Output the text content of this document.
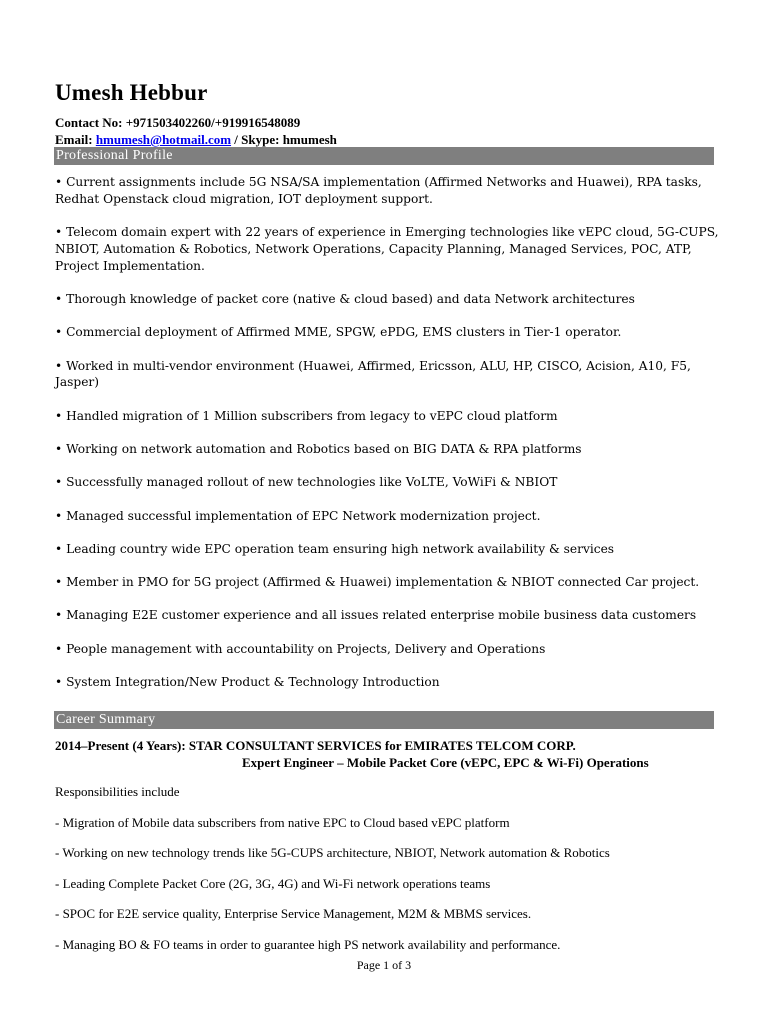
Umesh Hebbur
Contact No: +971503402260/+919916548089
Email: hmumesh@hotmail.com / Skype: hmumesh
Professional Profile

• Current assignments include 5G NSA/SA implementation (Affirmed Networks and Huawei), RPA tasks, Redhat Openstack cloud migration, IOT deployment support.

• Telecom domain expert with 22 years of experience in Emerging technologies like vEPC cloud, 5G-CUPS, NBIOT, Automation & Robotics, Network Operations, Capacity Planning, Managed Services, POC, ATP, Project Implementation.

• Thorough knowledge of packet core (native & cloud based) and data Network architectures

• Commercial deployment of Affirmed MME, SPGW, ePDG, EMS clusters in Tier-1 operator.

• Worked in multi-vendor environment (Huawei, Affirmed, Ericsson, ALU, HP, CISCO, Acision, A10, F5, Jasper)

• Handled migration of 1 Million subscribers from legacy to vEPC cloud platform

• Working on network automation and Robotics based on BIG DATA & RPA platforms

• Successfully managed rollout of new technologies like VoLTE, VoWiFi & NBIOT

• Managed successful implementation of EPC Network modernization project.

• Leading country wide EPC operation team ensuring high network availability & services

• Member in PMO for 5G project (Affirmed & Huawei) implementation & NBIOT connected Car project.

• Managing E2E customer experience and all issues related enterprise mobile business data customers

• People management with accountability on Projects, Delivery and Operations

• System Integration/New Product & Technology Introduction

Career Summary
2014–Present (4 Years): STAR CONSULTANT SERVICES for EMIRATES TELCOM CORP.
Expert Engineer – Mobile Packet Core (vEPC, EPC & Wi-Fi) Operations

Responsibilities include

- Migration of Mobile data subscribers from native EPC to Cloud based vEPC platform

- Working on new technology trends like 5G-CUPS architecture, NBIOT, Network automation & Robotics

- Leading Complete Packet Core (2G, 3G, 4G) and Wi-Fi network operations teams

- SPOC for E2E service quality, Enterprise Service Management, M2M & MBMS services.

- Managing BO & FO teams in order to guarantee high PS network availability and performance.

Page 1 of 3
